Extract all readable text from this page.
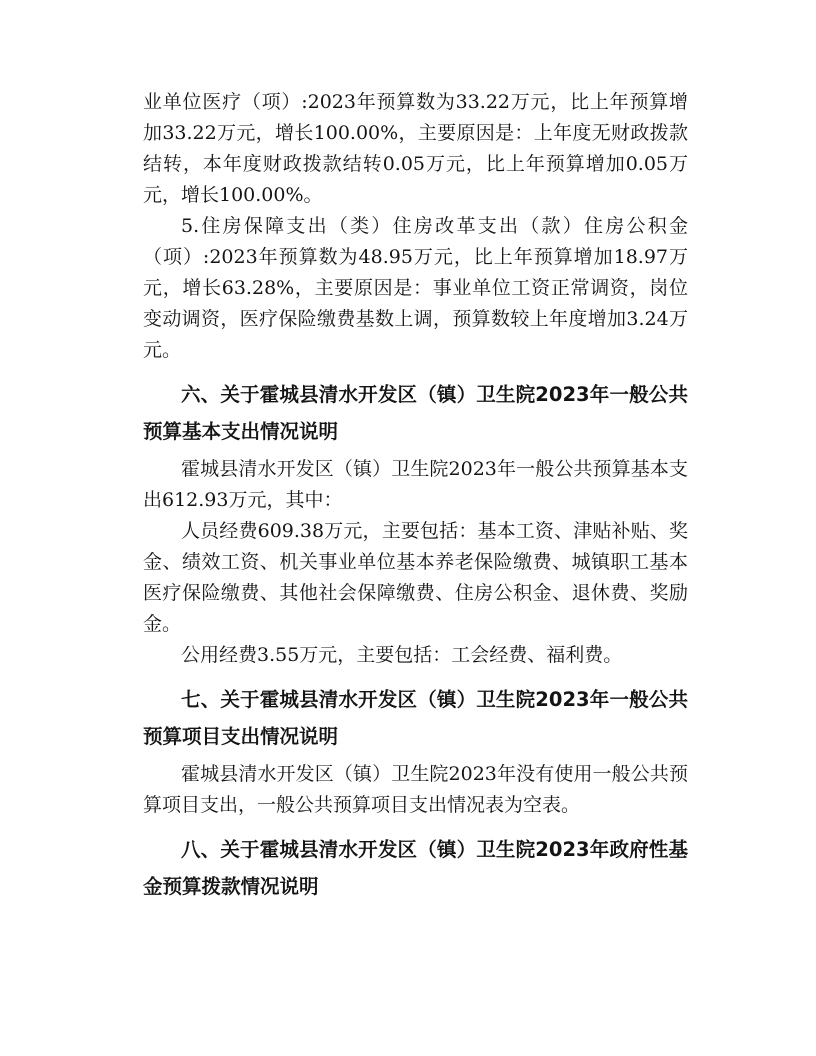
业单位医疗（项）:2023年预算数为33.22万元，比上年预算增加33.22万元，增长100.00%，主要原因是：上年度无财政拨款结转，本年度财政拨款结转0.05万元，比上年预算增加0.05万元，增长100.00%。

5.住房保障支出（类）住房改革支出（款）住房公积金（项）:2023年预算数为48.95万元，比上年预算增加18.97万元，增长63.28%，主要原因是：事业单位工资正常调资，岗位变动调资，医疗保险缴费基数上调，预算数较上年度增加3.24万元。

六、关于霍城县清水开发区（镇）卫生院2023年一般公共预算基本支出情况说明

霍城县清水开发区（镇）卫生院2023年一般公共预算基本支出612.93万元，其中：

人员经费609.38万元，主要包括：基本工资、津贴补贴、奖金、绩效工资、机关事业单位基本养老保险缴费、城镇职工基本医疗保险缴费、其他社会保障缴费、住房公积金、退休费、奖励金。

公用经费3.55万元，主要包括：工会经费、福利费。

七、关于霍城县清水开发区（镇）卫生院2023年一般公共预算项目支出情况说明

霍城县清水开发区（镇）卫生院2023年没有使用一般公共预算项目支出，一般公共预算项目支出情况表为空表。

八、关于霍城县清水开发区（镇）卫生院2023年政府性基金预算拨款情况说明
